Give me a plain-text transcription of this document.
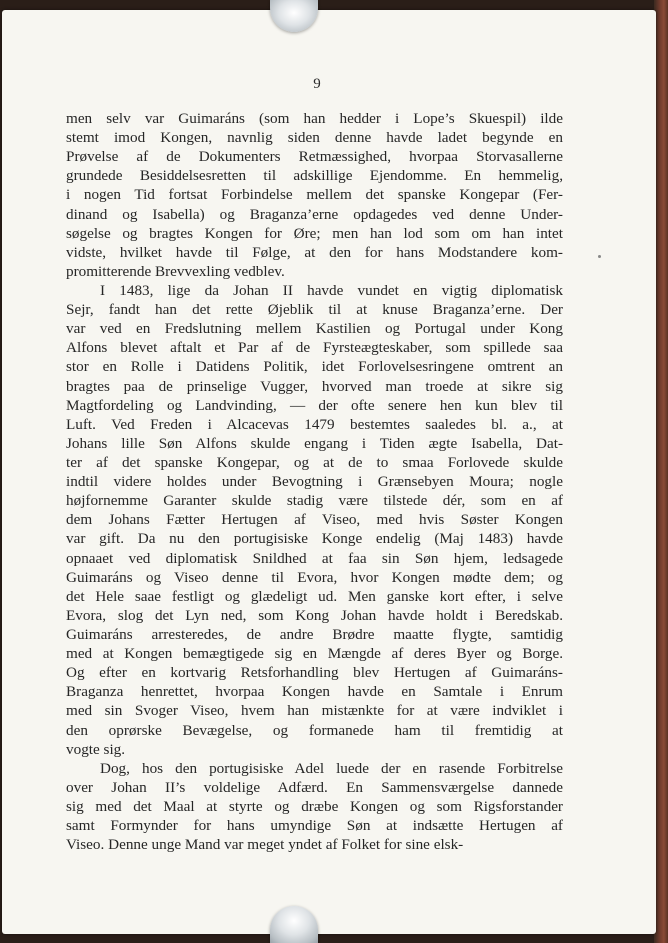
9
men selv var Guimaráns (som han hedder i Lope’s Skuespil) ilde
stemt imod Kongen, navnlig siden denne havde ladet begynde en
Prøvelse af de Dokumenters Retmæssighed, hvorpaa Storvasallerne
grundede Besiddelsesretten til adskillige Ejendomme. En hemmelig,
i nogen Tid fortsat Forbindelse mellem det spanske Kongepar (Fer-
dinand og Isabella) og Braganza’erne opdagedes ved denne Under-
søgelse og bragtes Kongen for Øre; men han lod som om han intet
vidste, hvilket havde til Følge, at den for hans Modstandere kom-
promitterende Brevvexling vedblev.
I 1483, lige da Johan II havde vundet en vigtig diplomatisk
Sejr, fandt han det rette Øjeblik til at knuse Braganza’erne. Der
var ved en Fredslutning mellem Kastilien og Portugal under Kong
Alfons blevet aftalt et Par af de Fyrsteægteskaber, som spillede saa
stor en Rolle i Datidens Politik, idet Forlovelsesringene omtrent an
bragtes paa de prinselige Vugger, hvorved man troede at sikre sig
Magtfordeling og Landvinding, — der ofte senere hen kun blev til
Luft. Ved Freden i Alcacevas 1479 bestemtes saaledes bl. a., at
Johans lille Søn Alfons skulde engang i Tiden ægte Isabella, Dat-
ter af det spanske Kongepar, og at de to smaa Forlovede skulde
indtil videre holdes under Bevogtning i Grænsebyen Moura; nogle
højfornemme Garanter skulde stadig være tilstede dér, som en af
dem Johans Fætter Hertugen af Viseo, med hvis Søster Kongen
var gift. Da nu den portugisiske Konge endelig (Maj 1483) havde
opnaaet ved diplomatisk Snildhed at faa sin Søn hjem, ledsagede
Guimaráns og Viseo denne til Evora, hvor Kongen mødte dem; og
det Hele saae festligt og glædeligt ud. Men ganske kort efter, i selve
Evora, slog det Lyn ned, som Kong Johan havde holdt i Beredskab.
Guimaráns arresteredes, de andre Brødre maatte flygte, samtidig
med at Kongen bemægtigede sig en Mængde af deres Byer og Borge.
Og efter en kortvarig Retsforhandling blev Hertugen af Guimaráns-
Braganza henrettet, hvorpaa Kongen havde en Samtale i Enrum
med sin Svoger Viseo, hvem han mistænkte for at være indviklet i
den oprørske Bevægelse, og formanede ham til fremtidig at
vogte sig.
Dog, hos den portugisiske Adel luede der en rasende Forbitrelse
over Johan II’s voldelige Adfærd. En Sammensværgelse dannede
sig med det Maal at styrte og dræbe Kongen og som Rigsforstander
samt Formynder for hans umyndige Søn at indsætte Hertugen af
Viseo. Denne unge Mand var meget yndet af Folket for sine elsk-
